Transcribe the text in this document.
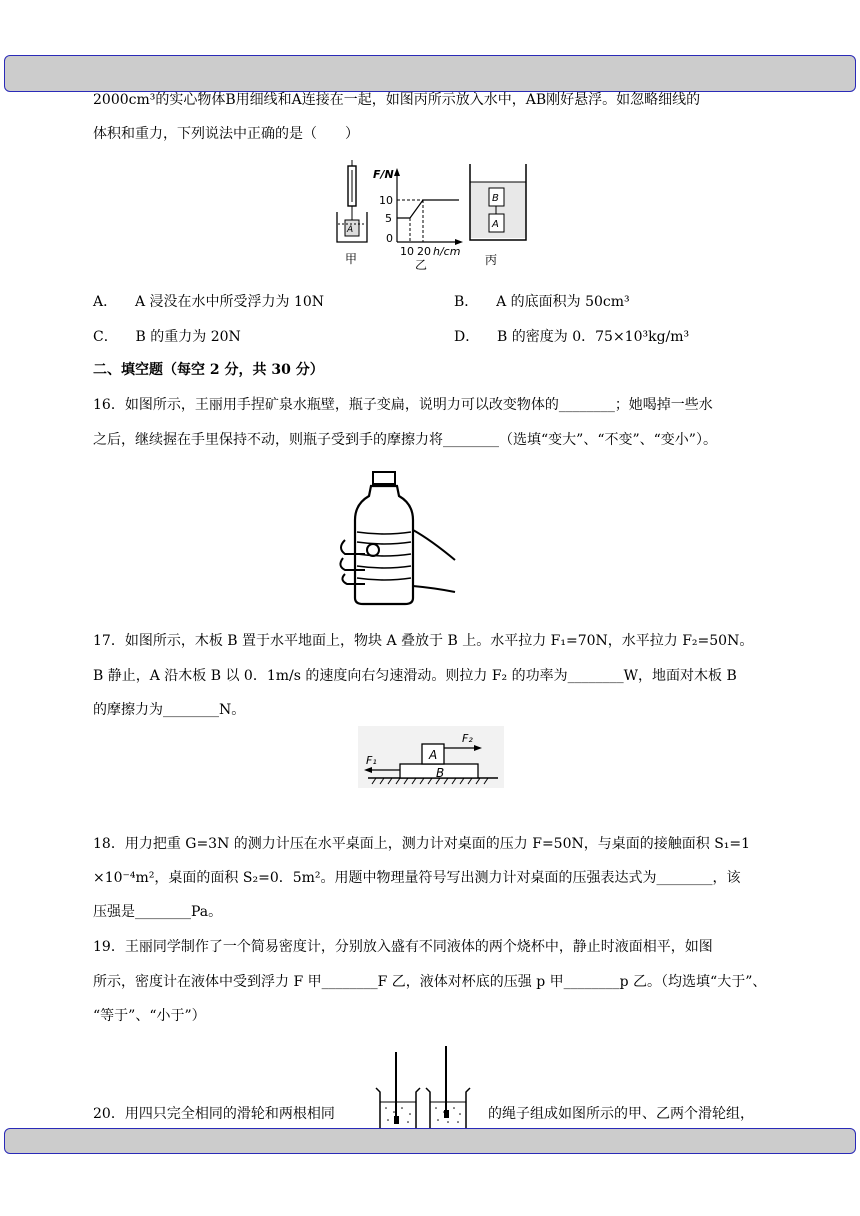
2000cm³的实心物体B用细线和A连接在一起，如图丙所示放入水中，AB刚好悬浮。如忽略细线的
体积和重力，下列说法中正确的是（　　）
A
甲
F/N
10
5
0
10 20 h/cm
乙
B
A
丙
A． A 浸没在水中所受浮力为 10N	B． A 的底面积为 50cm³
C． B 的重力为 20N	D． B 的密度为 0．75×10³kg/m³
二、填空题（每空 2 分，共 30 分）
16．如图所示，王丽用手捏矿泉水瓶壁，瓶子变扁，说明力可以改变物体的________；她喝掉一些水
之后，继续握在手里保持不动，则瓶子受到手的摩擦力将________（选填“变大”、“不变”、“变小”）。
17．如图所示，木板 B 置于水平地面上，物块 A 叠放于 B 上。水平拉力 F₁=70N，水平拉力 F₂=50N。
B 静止，A 沿木板 B 以 0．1m/s 的速度向右匀速滑动。则拉力 F₂ 的功率为________W，地面对木板 B
的摩擦力为________N。
A
B
F₂
F₁
18．用力把重 G=3N 的测力计压在水平桌面上，测力计对桌面的压力 F=50N，与桌面的接触面积 S₁=1
×10⁻⁴m²，桌面的面积 S₂=0．5m²。用题中物理量符号写出测力计对桌面的压强表达式为________，该
压强是________Pa。
19．王丽同学制作了一个简易密度计，分别放入盛有不同液体的两个烧杯中，静止时液面相平，如图
所示，密度计在液体中受到浮力 F 甲________F 乙，液体对杯底的压强 p 甲________p 乙。（均选填“大于”、
“等于”、“小于”）
20．用四只完全相同的滑轮和两根相同	的绳子组成如图所示的甲、乙两个滑轮组，
